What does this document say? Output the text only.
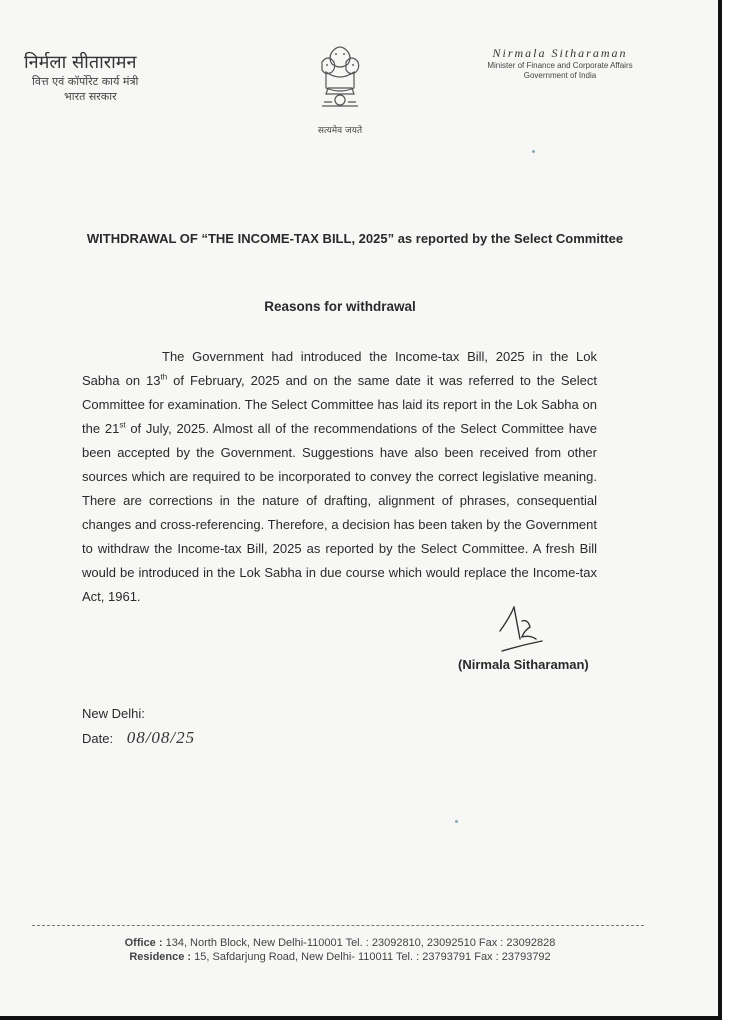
निर्मला सीतारामन
वित्त एवं कॉर्पोरेट कार्य मंत्री
भारत सरकार
सत्यमेव जयते
Nirmala Sitharaman
Minister of Finance and Corporate Affairs
Government of India
WITHDRAWAL OF “THE INCOME-TAX BILL, 2025” as reported by the Select Committee
Reasons for withdrawal
The Government had introduced the Income-tax Bill, 2025 in the Lok Sabha on 13th of February, 2025 and on the same date it was referred to the Select Committee for examination. The Select Committee has laid its report in the Lok Sabha on the 21st of July, 2025. Almost all of the recommendations of the Select Committee have been accepted by the Government. Suggestions have also been received from other sources which are required to be incorporated to convey the correct legislative meaning. There are corrections in the nature of drafting, alignment of phrases, consequential changes and cross-referencing. Therefore, a decision has been taken by the Government to withdraw the Income-tax Bill, 2025 as reported by the Select Committee. A fresh Bill would be introduced in the Lok Sabha in due course which would replace the Income-tax Act, 1961.
(Nirmala Sitharaman)
New Delhi:
Date: 08/08/25
Office : 134, North Block, New Delhi-110001 Tel. : 23092810, 23092510 Fax : 23092828
Residence : 15, Safdarjung Road, New Delhi- 110011 Tel. : 23793791 Fax : 23793792
